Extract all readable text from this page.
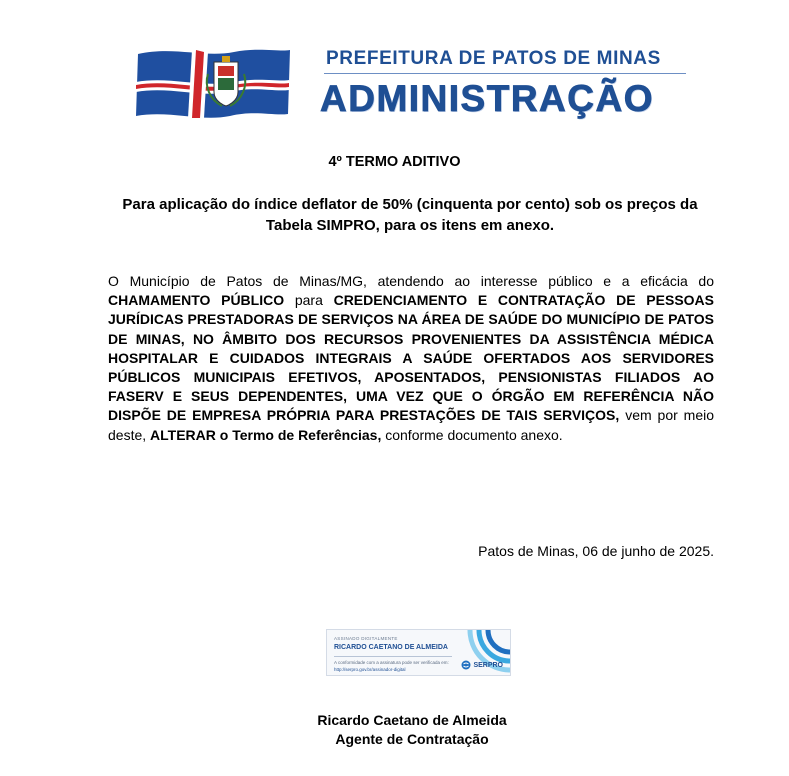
PREFEITURA DE PATOS DE MINAS
ADMINISTRAÇÃO
4º TERMO ADITIVO
Para aplicação do índice deflator de 50% (cinquenta por cento) sob os preços da Tabela SIMPRO, para os itens em anexo.
O Município de Patos de Minas/MG, atendendo ao interesse público e a eficácia do CHAMAMENTO PÚBLICO para CREDENCIAMENTO E CONTRATAÇÃO DE PESSOAS JURÍDICAS PRESTADORAS DE SERVIÇOS NA ÁREA DE SAÚDE DO MUNICÍPIO DE PATOS DE MINAS, NO ÂMBITO DOS RECURSOS PROVENIENTES DA ASSISTÊNCIA MÉDICA HOSPITALAR E CUIDADOS INTEGRAIS A SAÚDE OFERTADOS AOS SERVIDORES PÚBLICOS MUNICIPAIS EFETIVOS, APOSENTADOS, PENSIONISTAS FILIADOS AO FASERV E SEUS DEPENDENTES, UMA VEZ QUE O ÓRGÃO EM REFERÊNCIA NÃO DISPÕE DE EMPRESA PRÓPRIA PARA PRESTAÇÕES DE TAIS SERVIÇOS, vem por meio deste, ALTERAR o Termo de Referências, conforme documento anexo.
Patos de Minas, 06 de junho de 2025.
ASSINADO DIGITALMENTE
RICARDO CAETANO DE ALMEIDA
A conformidade com a assinatura pode ser verificada em:
http://serpro.gov.br/assinador-digital
SERPRO
Ricardo Caetano de Almeida
Agente de Contratação
